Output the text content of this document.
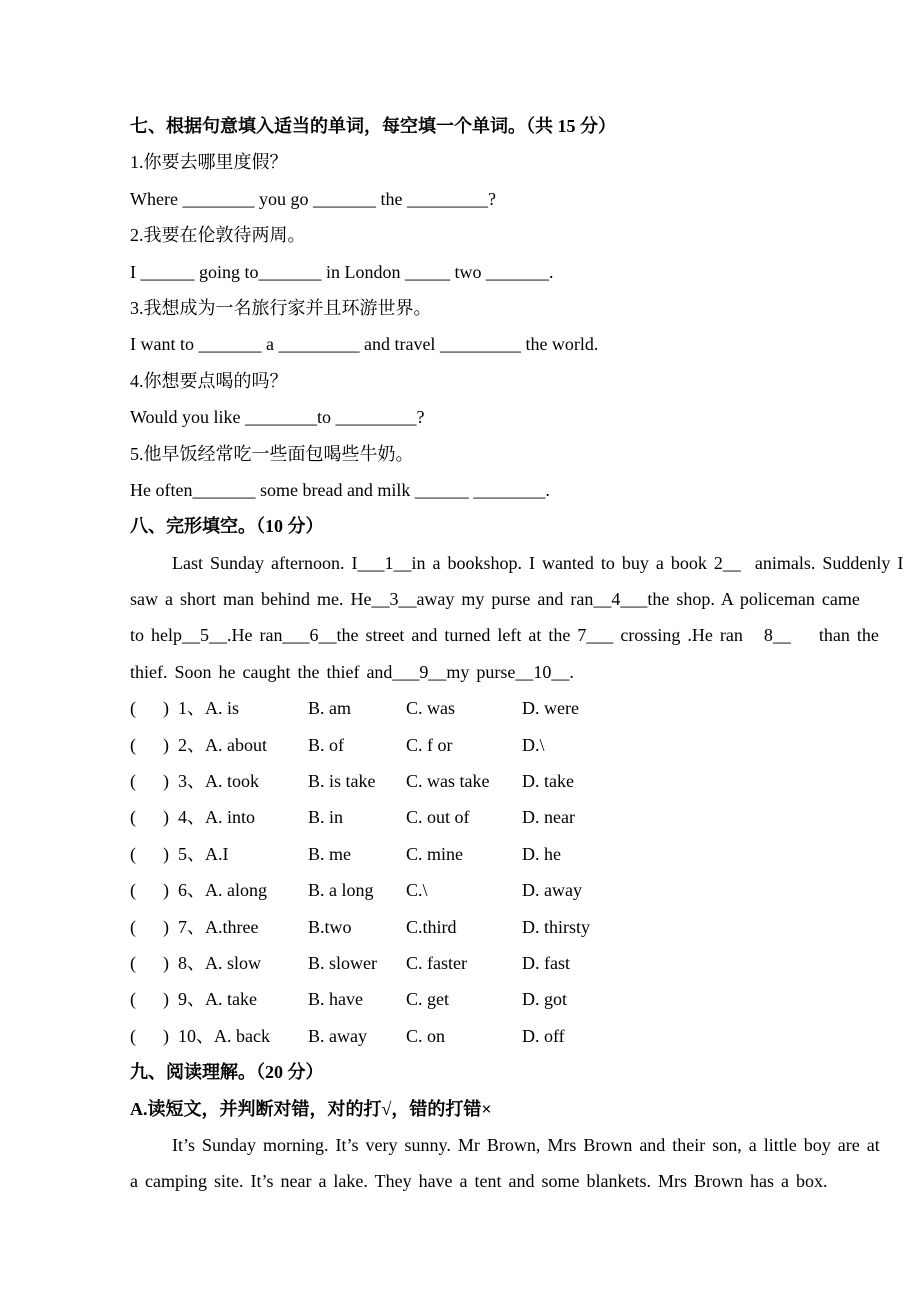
七、根据句意填入适当的单词，每空填一个单词。（共 15 分）
1.你要去哪里度假？
Where ________ you go _______ the _________?
2.我要在伦敦待两周。
I ______ going to_______ in London _____ two _______.
3.我想成为一名旅行家并且环游世界。
I want to _______ a _________ and travel _________ the world.
4.你想要点喝的吗？
Would you like ________to _________?
5.他早饭经常吃一些面包喝些牛奶。
He often_______ some bread and milk ______ ________.
八、完形填空。（10 分）
Last Sunday afternoon. I___1__in a bookshop. I wanted to buy a book 2__  animals. Suddenly I
saw a short man behind me. He__3__away my purse and ran__4___the shop. A policeman came
to help__5__.He ran___6__the street and turned left at the 7___ crossing .He ran   8__    than the
thief. Soon he caught the thief and___9__my purse__10__.
(      ) 1、A. is	B. am	C. was	D. were
(      ) 2、A. about	B. of	C. f or	D.\
(      ) 3、A. took	B. is take	C. was take	D. take
(      ) 4、A. into	B. in	C. out of	D. near
(      ) 5、A.I	B. me	C. mine	D. he
(      ) 6、A. along	B. a long	C.\	D. away
(      ) 7、A.three	B.two	C.third	D. thirsty
(      ) 8、A. slow	B. slower	C. faster	D. fast
(      ) 9、A. take	B. have	C. get	D. got
(      ) 10、A. back	B. away	C. on	D. off
九、阅读理解。（20 分）
A.读短文，并判断对错，对的打√，错的打错×
It’s Sunday morning. It’s very sunny. Mr Brown, Mrs Brown and their son, a little boy are at
a camping site. It’s near a lake. They have a tent and some blankets. Mrs Brown has a box.
